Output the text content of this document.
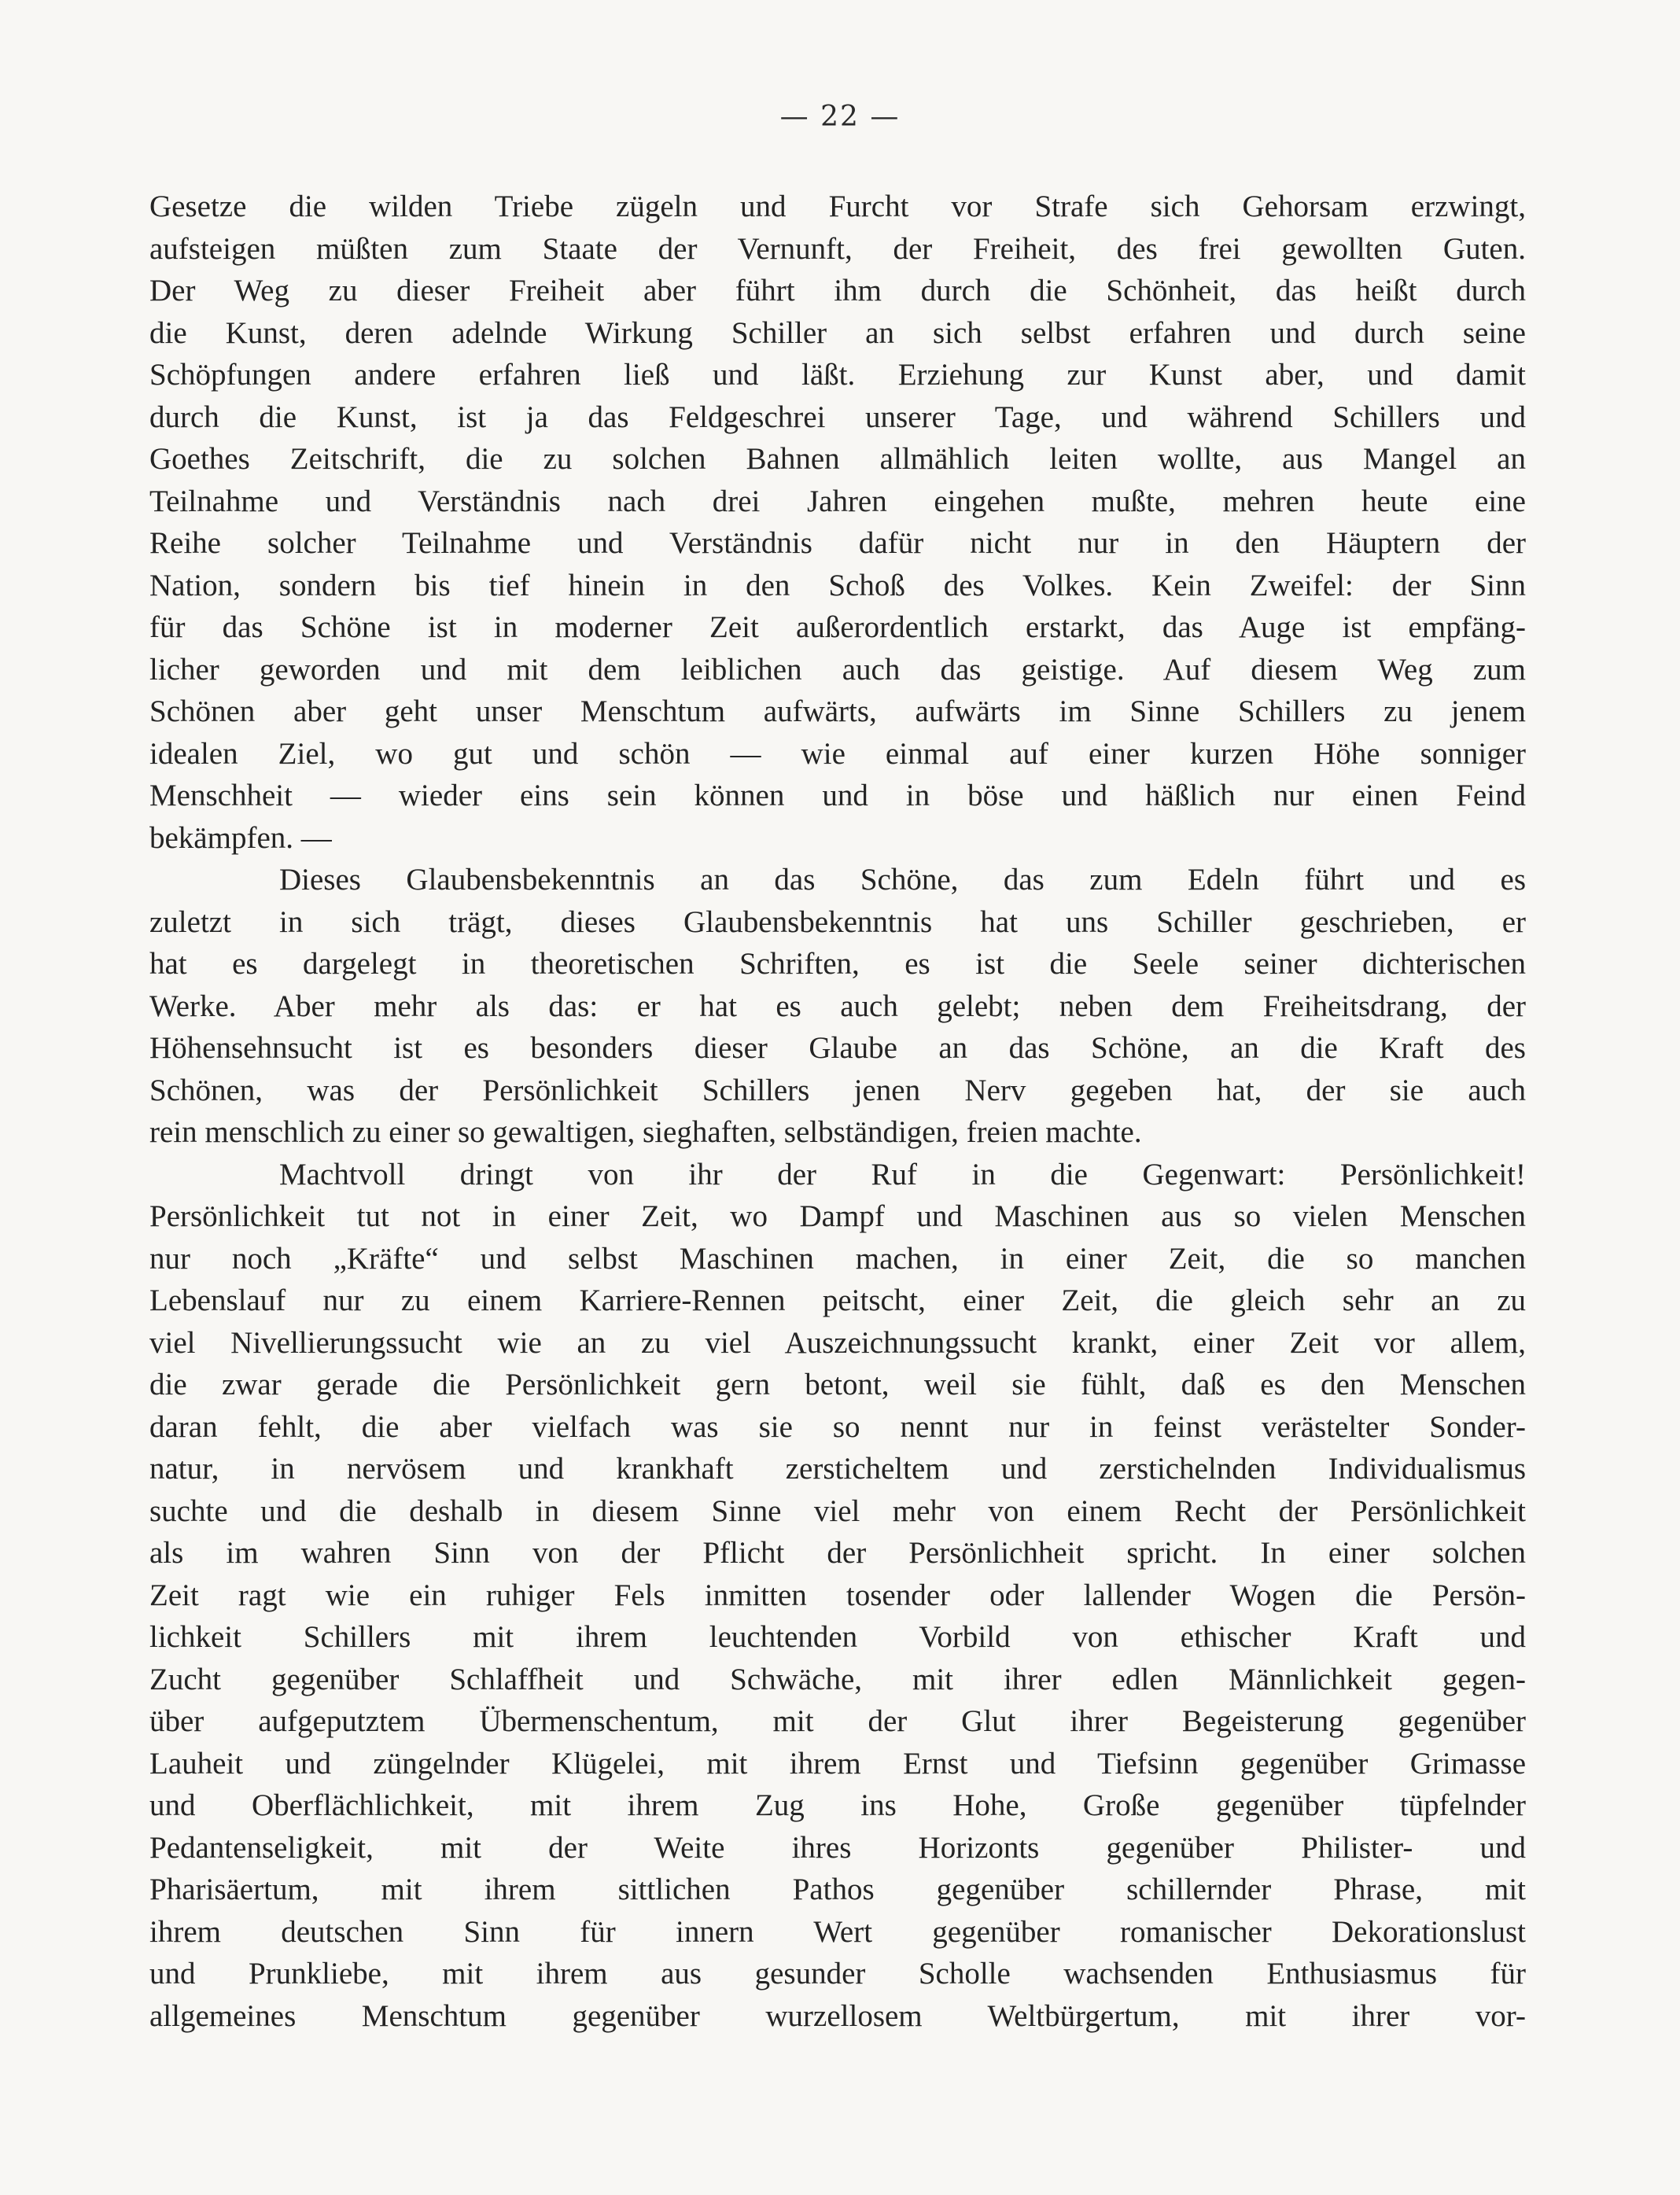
— 22 —
Gesetze die wilden Triebe zügeln und Furcht vor Strafe sich Gehorsam erzwingt,
aufsteigen müßten zum Staate der Vernunft, der Freiheit, des frei gewollten Guten.
Der Weg zu dieser Freiheit aber führt ihm durch die Schönheit, das heißt durch
die Kunst, deren adelnde Wirkung Schiller an sich selbst erfahren und durch seine
Schöpfungen andere erfahren ließ und läßt. Erziehung zur Kunst aber, und damit
durch die Kunst, ist ja das Feldgeschrei unserer Tage, und während Schillers und
Goethes Zeitschrift, die zu solchen Bahnen allmählich leiten wollte, aus Mangel an
Teilnahme und Verständnis nach drei Jahren eingehen mußte, mehren heute eine
Reihe solcher Teilnahme und Verständnis dafür nicht nur in den Häuptern der
Nation, sondern bis tief hinein in den Schoß des Volkes. Kein Zweifel: der Sinn
für das Schöne ist in moderner Zeit außerordentlich erstarkt, das Auge ist empfäng-
licher geworden und mit dem leiblichen auch das geistige. Auf diesem Weg zum
Schönen aber geht unser Menschtum aufwärts, aufwärts im Sinne Schillers zu jenem
idealen Ziel, wo gut und schön — wie einmal auf einer kurzen Höhe sonniger
Menschheit — wieder eins sein können und in böse und häßlich nur einen Feind
bekämpfen. —
Dieses Glaubensbekenntnis an das Schöne, das zum Edeln führt und es
zuletzt in sich trägt, dieses Glaubensbekenntnis hat uns Schiller geschrieben, er
hat es dargelegt in theoretischen Schriften, es ist die Seele seiner dichterischen
Werke. Aber mehr als das: er hat es auch gelebt; neben dem Freiheitsdrang, der
Höhensehnsucht ist es besonders dieser Glaube an das Schöne, an die Kraft des
Schönen, was der Persönlichkeit Schillers jenen Nerv gegeben hat, der sie auch
rein menschlich zu einer so gewaltigen, sieghaften, selbständigen, freien machte.
Machtvoll dringt von ihr der Ruf in die Gegenwart: Persönlichkeit!
Persönlichkeit tut not in einer Zeit, wo Dampf und Maschinen aus so vielen Menschen
nur noch „Kräfte“ und selbst Maschinen machen, in einer Zeit, die so manchen
Lebenslauf nur zu einem Karriere-Rennen peitscht, einer Zeit, die gleich sehr an zu
viel Nivellierungssucht wie an zu viel Auszeichnungssucht krankt, einer Zeit vor allem,
die zwar gerade die Persönlichkeit gern betont, weil sie fühlt, daß es den Menschen
daran fehlt, die aber vielfach was sie so nennt nur in feinst verästelter Sonder-
natur, in nervösem und krankhaft zersticheltem und zerstichelnden Individualismus
suchte und die deshalb in diesem Sinne viel mehr von einem Recht der Persönlichkeit
als im wahren Sinn von der Pflicht der Persönlichheit spricht. In einer solchen
Zeit ragt wie ein ruhiger Fels inmitten tosender oder lallender Wogen die Persön-
lichkeit Schillers mit ihrem leuchtenden Vorbild von ethischer Kraft und
Zucht gegenüber Schlaffheit und Schwäche, mit ihrer edlen Männlichkeit gegen-
über aufgeputztem Übermenschentum, mit der Glut ihrer Begeisterung gegenüber
Lauheit und züngelnder Klügelei, mit ihrem Ernst und Tiefsinn gegenüber Grimasse
und Oberflächlichkeit, mit ihrem Zug ins Hohe, Große gegenüber tüpfelnder
Pedantenseligkeit, mit der Weite ihres Horizonts gegenüber Philister- und
Pharisäertum, mit ihrem sittlichen Pathos gegenüber schillernder Phrase, mit
ihrem deutschen Sinn für innern Wert gegenüber romanischer Dekorationslust
und Prunkliebe, mit ihrem aus gesunder Scholle wachsenden Enthusiasmus für
allgemeines Menschtum gegenüber wurzellosem Weltbürgertum, mit ihrer vor-
